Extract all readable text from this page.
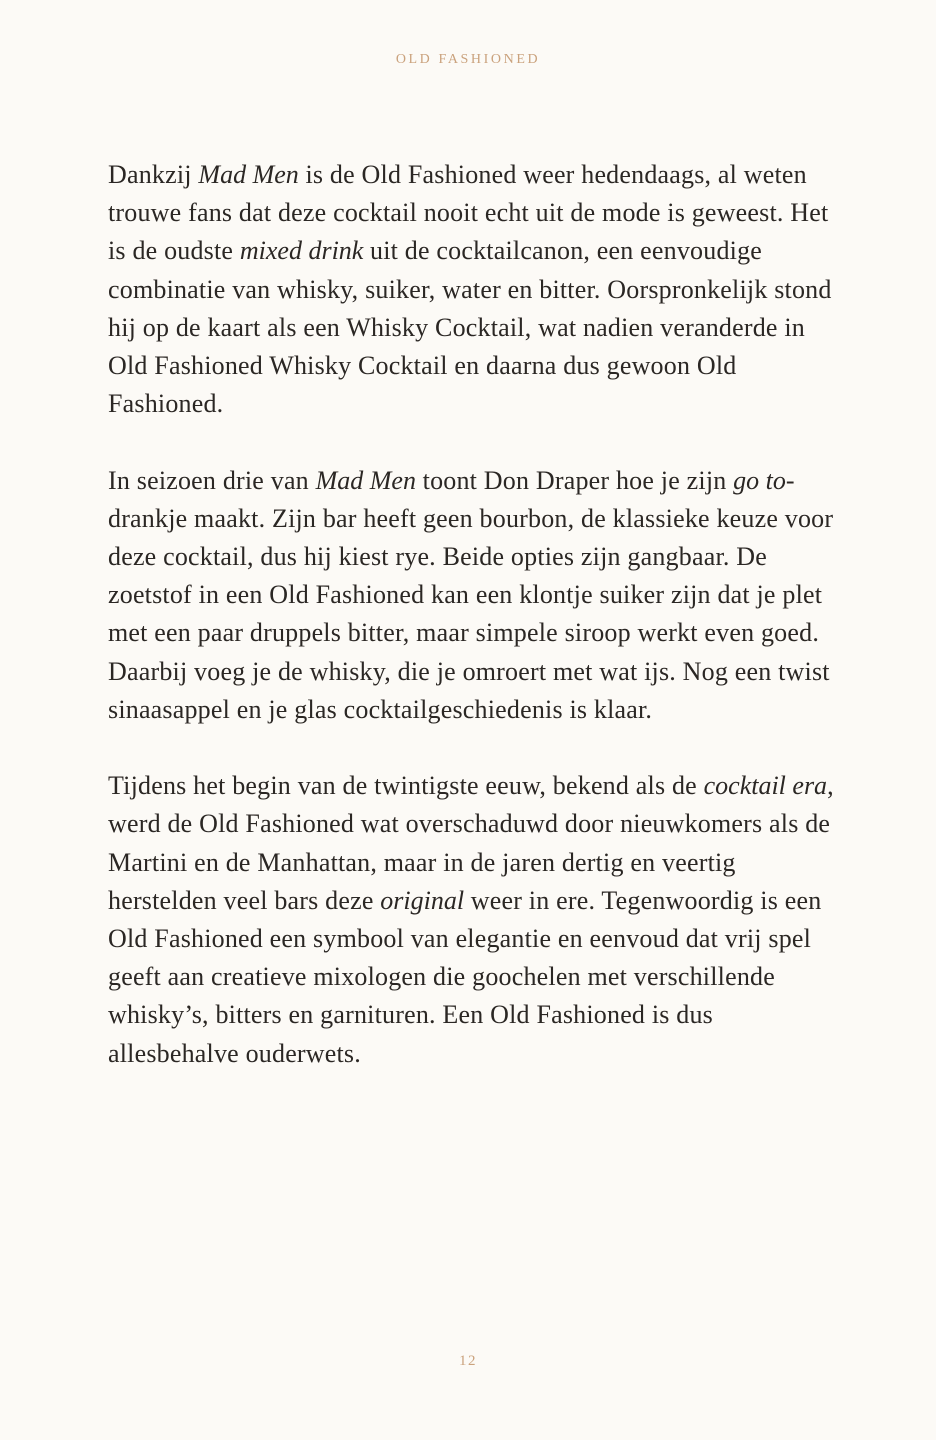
OLD FASHIONED

Dankzij Mad Men is de Old Fashioned weer hedendaags, al weten trouwe fans dat deze cocktail nooit echt uit de mode is geweest. Het is de oudste mixed drink uit de cocktailcanon, een eenvoudige combinatie van whisky, suiker, water en bitter. Oorspronkelijk stond hij op de kaart als een Whisky Cocktail, wat nadien veranderde in Old Fashioned Whisky Cocktail en daarna dus gewoon Old Fashioned.

In seizoen drie van Mad Men toont Don Draper hoe je zijn go to-drankje maakt. Zijn bar heeft geen bourbon, de klassieke keuze voor deze cocktail, dus hij kiest rye. Beide opties zijn gangbaar. De zoetstof in een Old Fashioned kan een klontje suiker zijn dat je plet met een paar druppels bitter, maar simpele siroop werkt even goed. Daarbij voeg je de whisky, die je omroert met wat ijs. Nog een twist sinaasappel en je glas cocktailgeschiedenis is klaar.

Tijdens het begin van de twintigste eeuw, bekend als de cocktail era, werd de Old Fashioned wat overschaduwd door nieuwkomers als de Martini en de Manhattan, maar in de jaren dertig en veertig herstelden veel bars deze original weer in ere. Tegenwoordig is een Old Fashioned een symbool van elegantie en eenvoud dat vrij spel geeft aan creatieve mixologen die goochelen met verschillende whisky’s, bitters en garnituren. Een Old Fashioned is dus allesbehalve ouderwets.

12
